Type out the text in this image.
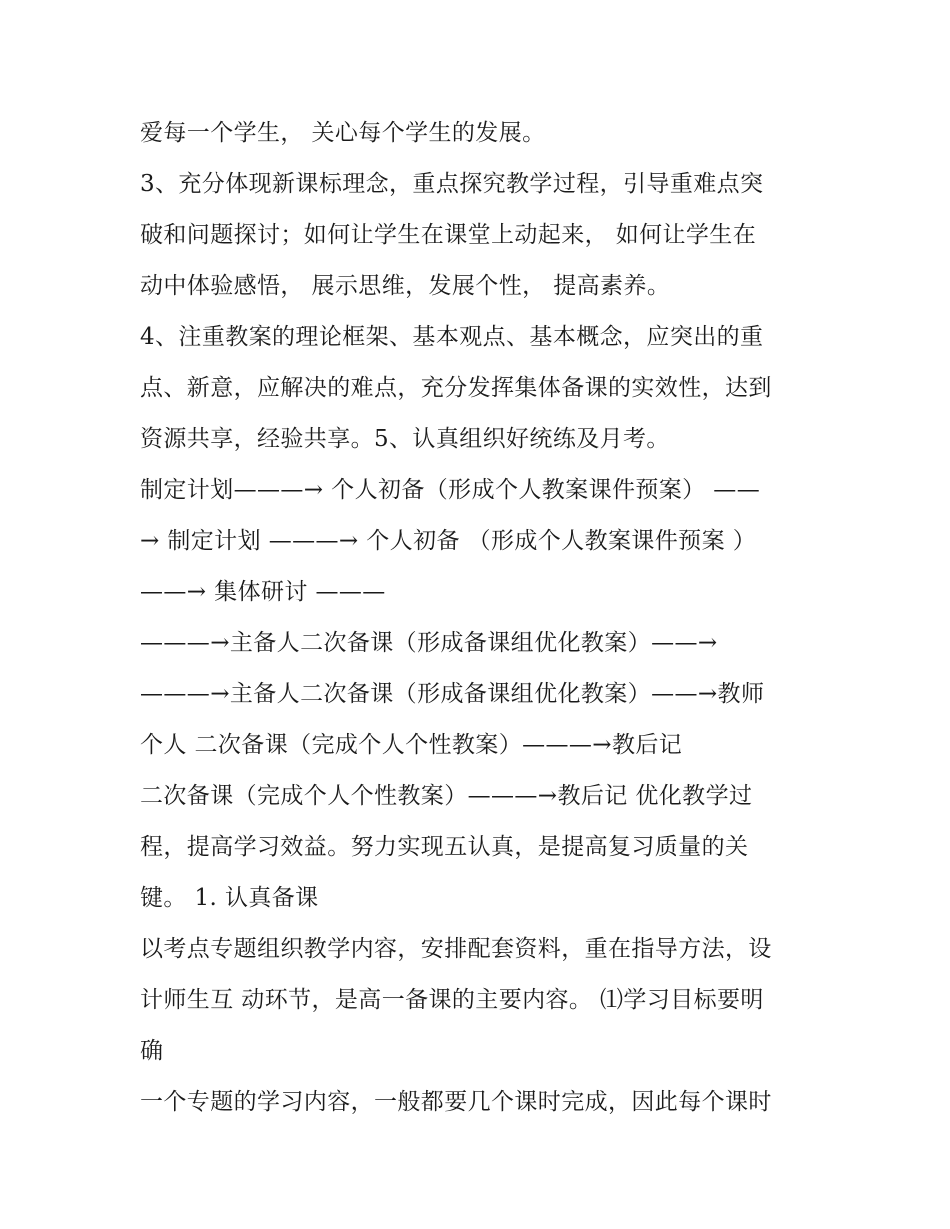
爱每一个学生， 关心每个学生的发展。
3、充分体现新课标理念，重点探究教学过程，引导重难点突
破和问题探讨；如何让学生在课堂上动起来， 如何让学生在
动中体验感悟， 展示思维，发展个性， 提高素养。
4、注重教案的理论框架、基本观点、基本概念，应突出的重
点、新意，应解决的难点，充分发挥集体备课的实效性，达到
资源共享，经验共享。5、认真组织好统练及月考。
制定计划———→ 个人初备（形成个人教案课件预案） ——
→ 制定计划 ———→ 个人初备 （形成个人教案课件预案 ）
——→ 集体研讨 ———
———→主备人二次备课（形成备课组优化教案）——→
———→主备人二次备课（形成备课组优化教案）——→教师
个人 二次备课（完成个人个性教案）———→教后记
二次备课（完成个人个性教案）———→教后记 优化教学过
程，提高学习效益。努力实现五认真，是提高复习质量的关
键。 1. 认真备课
以考点专题组织教学内容，安排配套资料，重在指导方法，设
计师生互 动环节，是高一备课的主要内容。 ⑴学习目标要明
确
一个专题的学习内容，一般都要几个课时完成，因此每个课时
